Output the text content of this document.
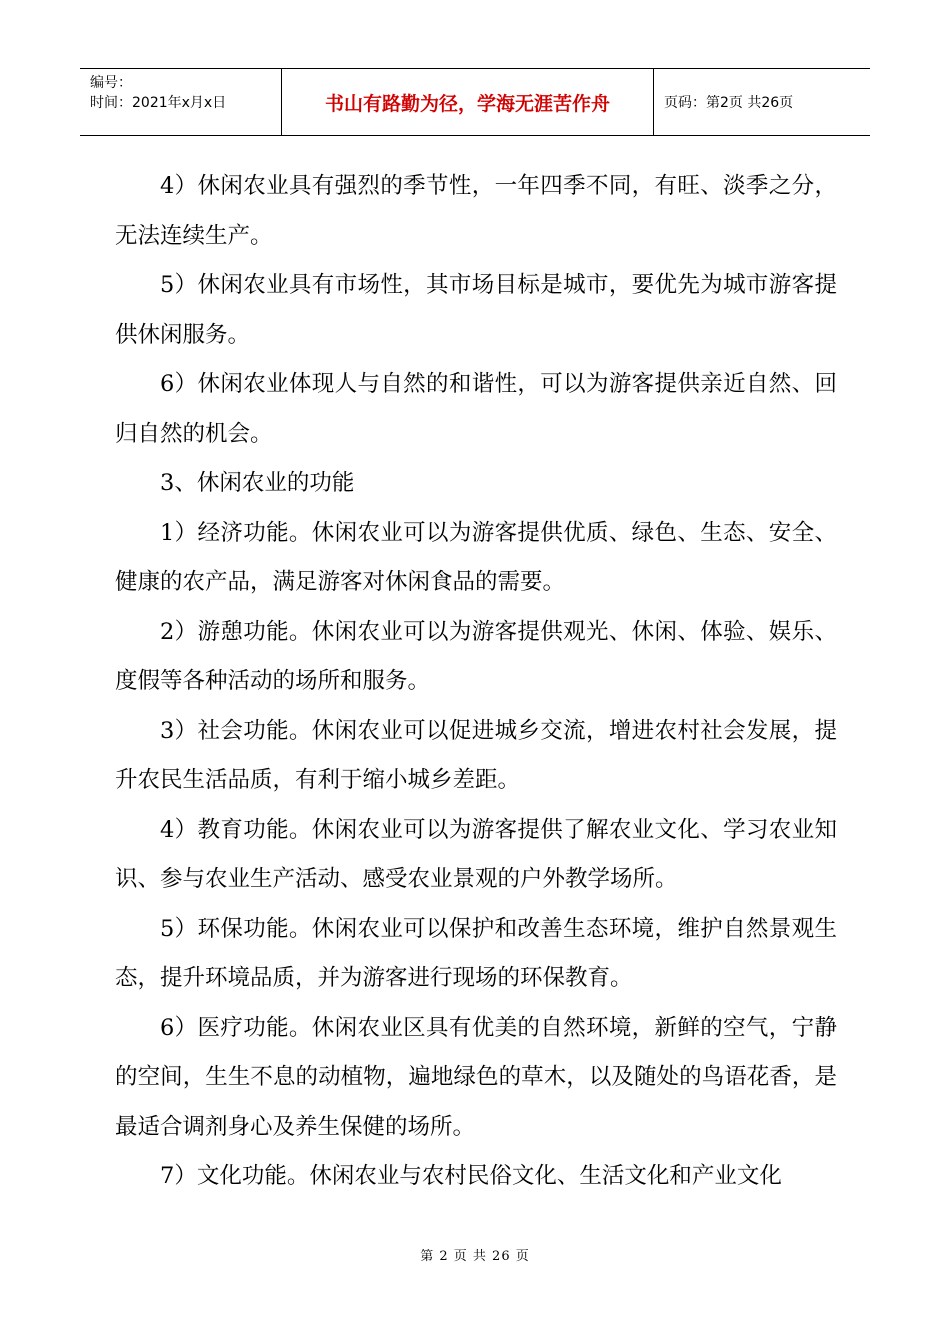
编号：
时间：2021年x月x日	书山有路勤为径，学海无涯苦作舟	页码：第2页 共26页

4）休闲农业具有强烈的季节性，一年四季不同，有旺、淡季之分，无法连续生产。

5）休闲农业具有市场性，其市场目标是城市，要优先为城市游客提供休闲服务。

6）休闲农业体现人与自然的和谐性，可以为游客提供亲近自然、回归自然的机会。

3、休闲农业的功能

1）经济功能。休闲农业可以为游客提供优质、绿色、生态、安全、健康的农产品，满足游客对休闲食品的需要。

2）游憩功能。休闲农业可以为游客提供观光、休闲、体验、娱乐、度假等各种活动的场所和服务。

3）社会功能。休闲农业可以促进城乡交流，增进农村社会发展，提升农民生活品质，有利于缩小城乡差距。

4）教育功能。休闲农业可以为游客提供了解农业文化、学习农业知识、参与农业生产活动、感受农业景观的户外教学场所。

5）环保功能。休闲农业可以保护和改善生态环境，维护自然景观生态，提升环境品质，并为游客进行现场的环保教育。

6）医疗功能。休闲农业区具有优美的自然环境，新鲜的空气，宁静的空间，生生不息的动植物，遍地绿色的草木，以及随处的鸟语花香，是最适合调剂身心及养生保健的场所。

7）文化功能。休闲农业与农村民俗文化、生活文化和产业文化

第 2 页 共 26 页
